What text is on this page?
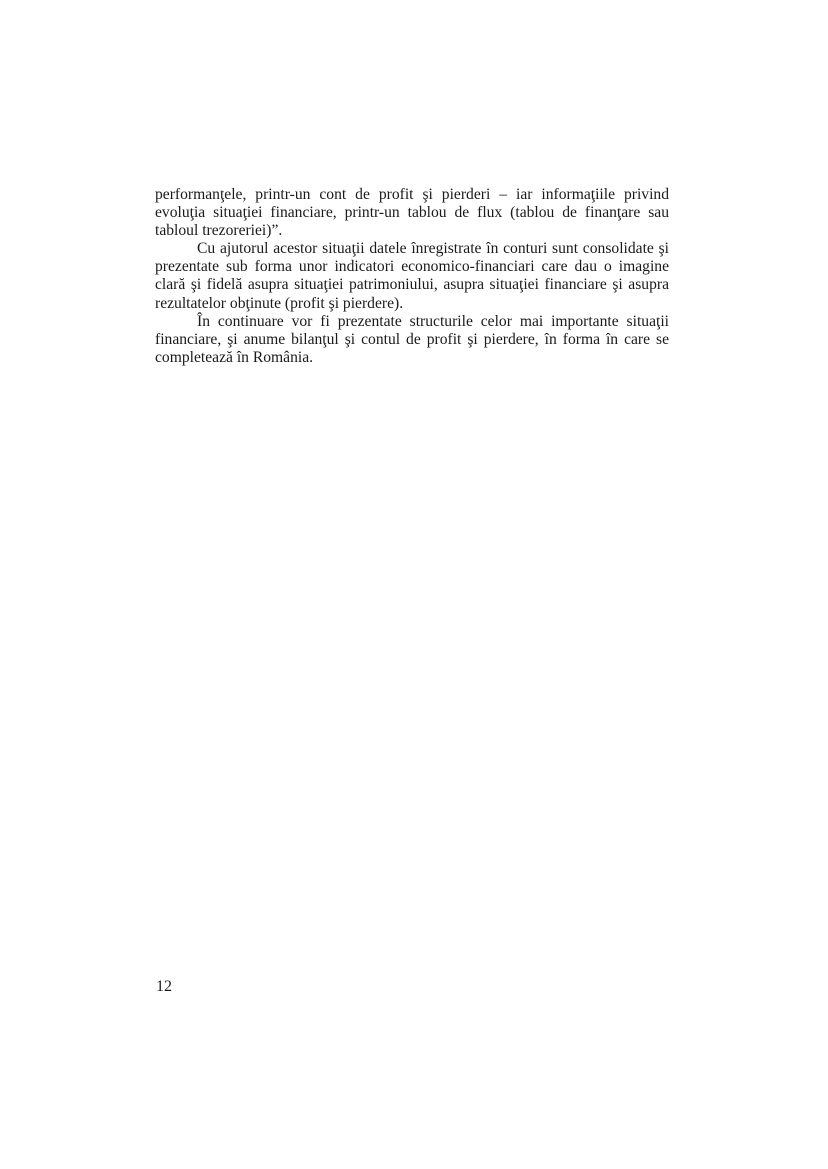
performanţele, printr-un cont de profit şi pierderi – iar informaţiile privind evoluţia situaţiei financiare, printr-un tablou de flux (tablou de finanţare sau tabloul trezoreriei)”.

Cu ajutorul acestor situaţii datele înregistrate în conturi sunt consolidate şi prezentate sub forma unor indicatori economico-financiari care dau o imagine clară şi fidelă asupra situaţiei patrimoniului, asupra situaţiei financiare şi asupra rezultatelor obţinute (profit şi pierdere).

În continuare vor fi prezentate structurile celor mai importante situaţii financiare, şi anume bilanţul şi contul de profit şi pierdere, în forma în care se completează în România.

12
